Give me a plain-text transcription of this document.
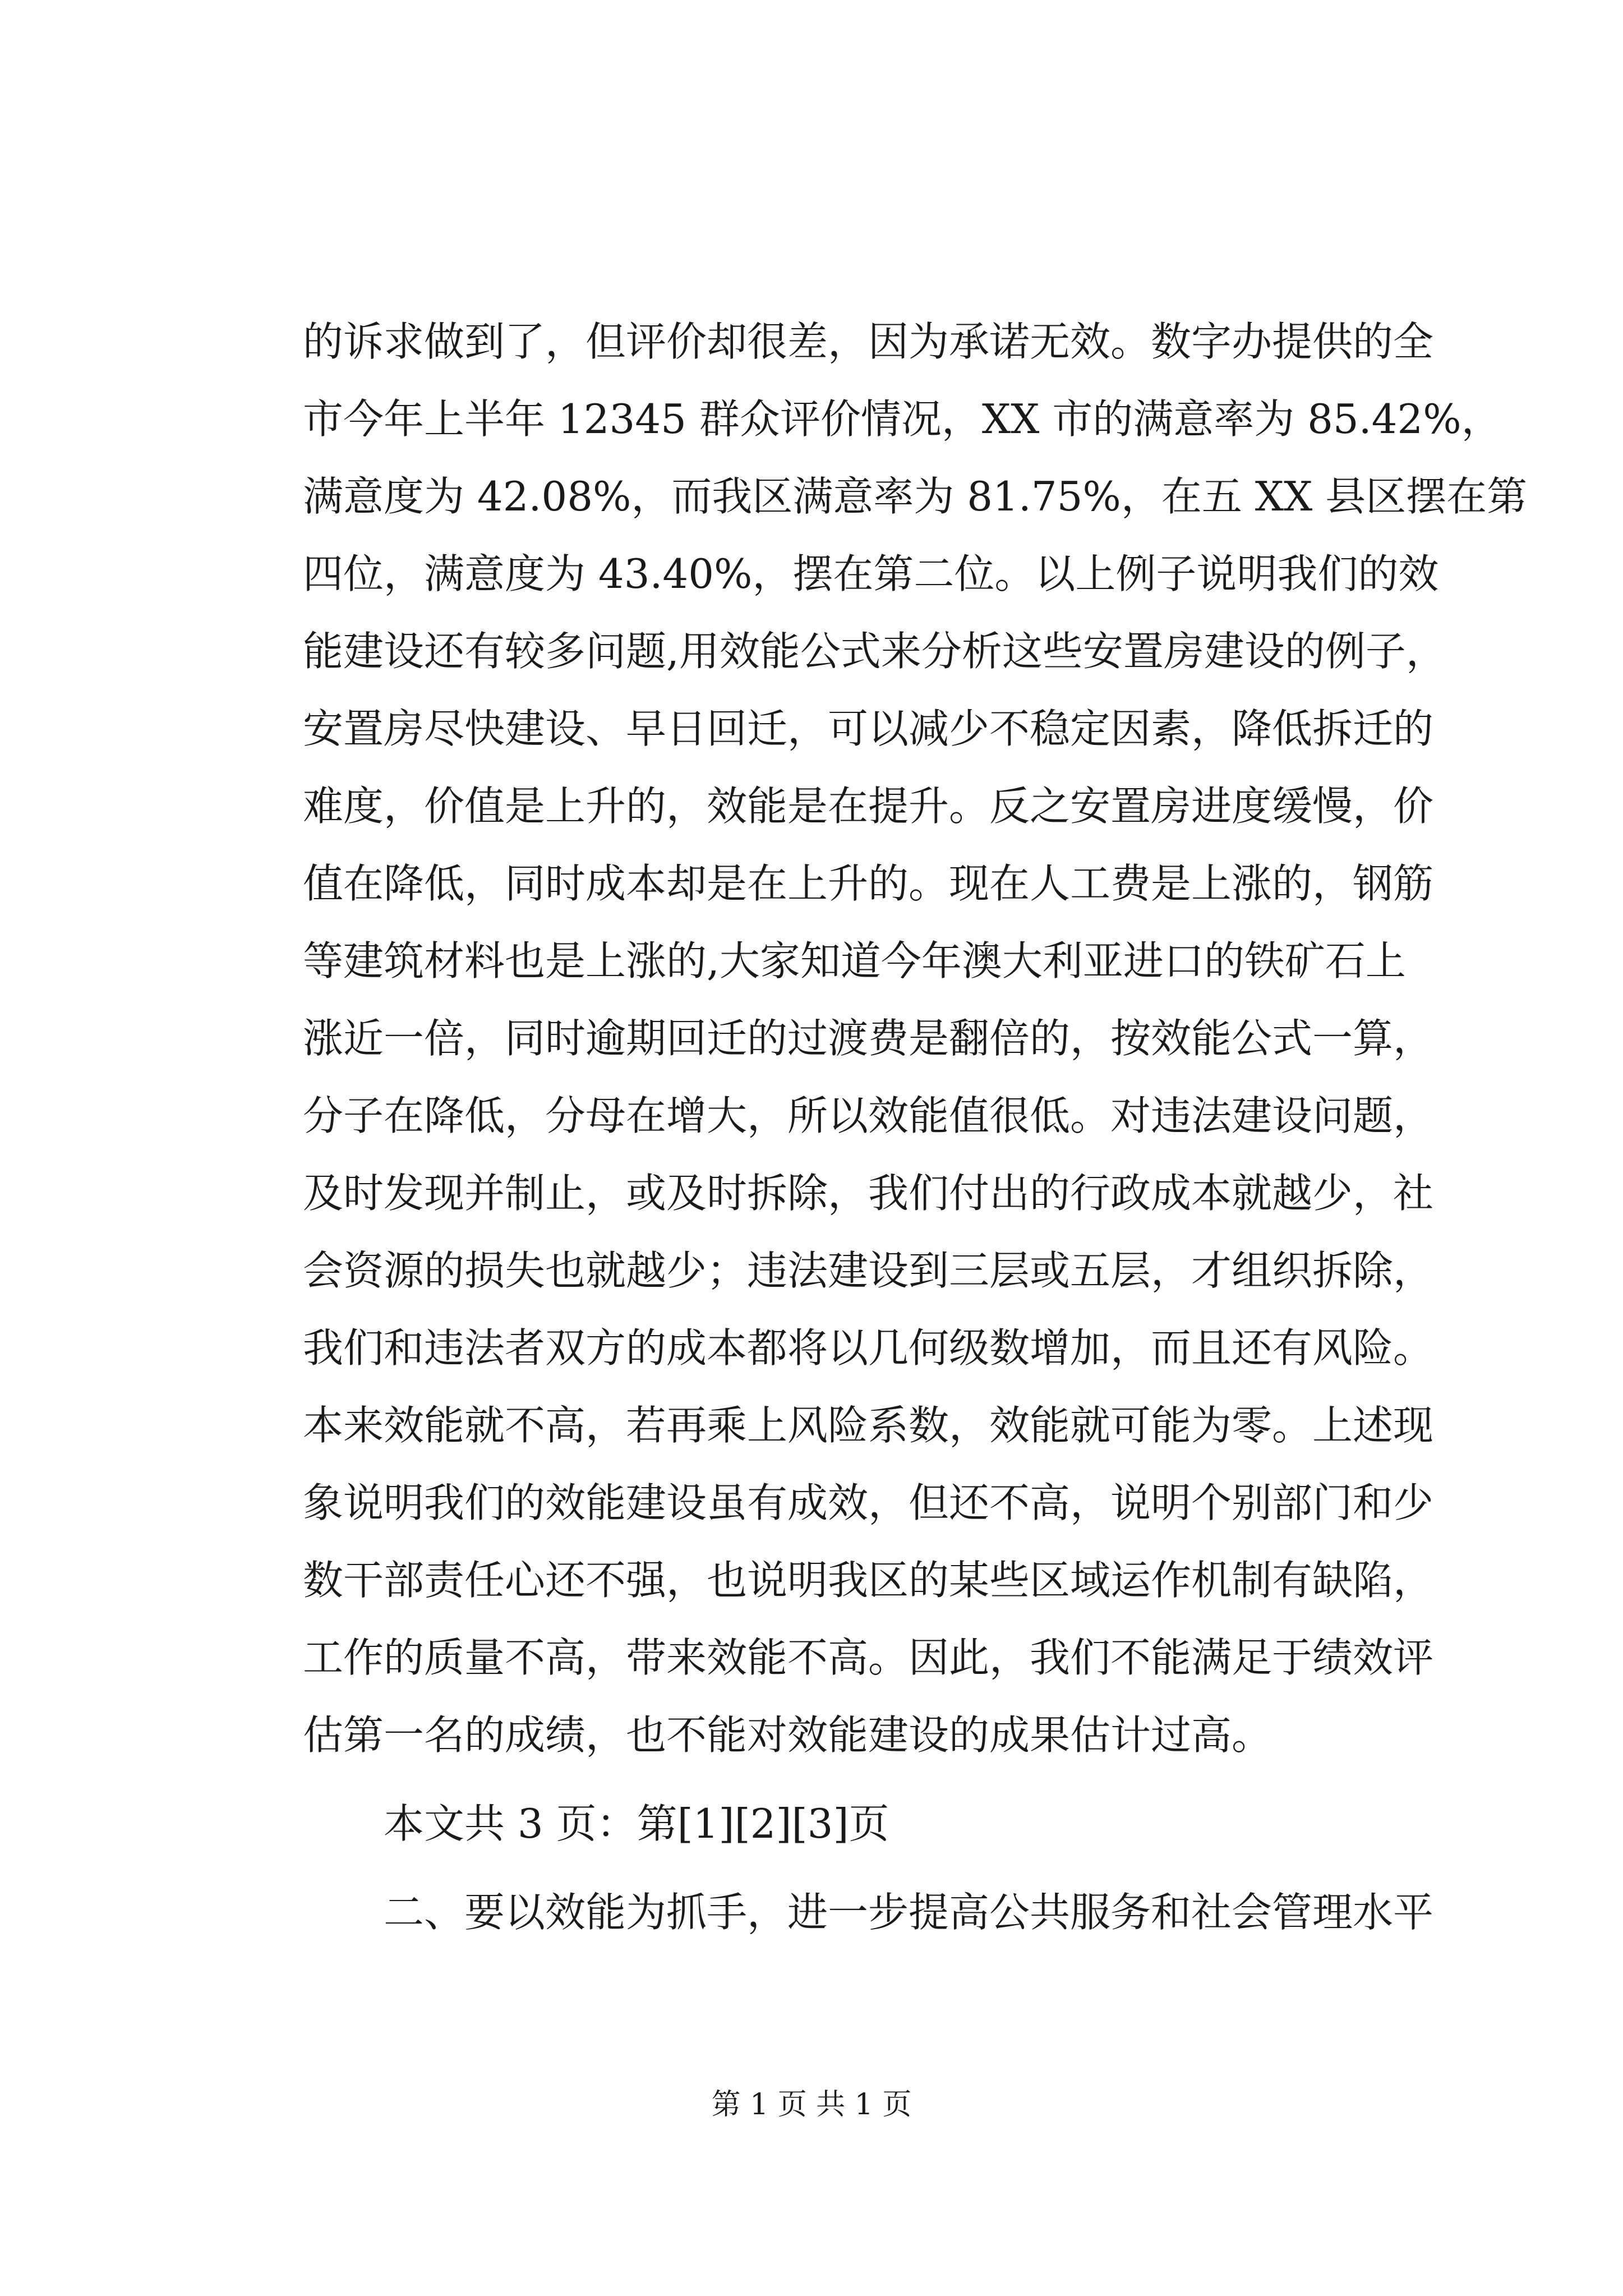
的诉求做到了，但评价却很差，因为承诺无效。数字办提供的全
市今年上半年 12345 群众评价情况，XX 市的满意率为 85.42%，
满意度为 42.08%，而我区满意率为 81.75%，在五 XX 县区摆在第
四位，满意度为 43.40%，摆在第二位。以上例子说明我们的效
能建设还有较多问题,用效能公式来分析这些安置房建设的例子，
安置房尽快建设、早日回迁，可以减少不稳定因素，降低拆迁的
难度，价值是上升的，效能是在提升。反之安置房进度缓慢，价
值在降低，同时成本却是在上升的。现在人工费是上涨的，钢筋
等建筑材料也是上涨的,大家知道今年澳大利亚进口的铁矿石上
涨近一倍，同时逾期回迁的过渡费是翻倍的，按效能公式一算，
分子在降低，分母在增大，所以效能值很低。对违法建设问题，
及时发现并制止，或及时拆除，我们付出的行政成本就越少，社
会资源的损失也就越少；违法建设到三层或五层，才组织拆除，
我们和违法者双方的成本都将以几何级数增加，而且还有风险。
本来效能就不高，若再乘上风险系数，效能就可能为零。上述现
象说明我们的效能建设虽有成效，但还不高，说明个别部门和少
数干部责任心还不强，也说明我区的某些区域运作机制有缺陷，
工作的质量不高，带来效能不高。因此，我们不能满足于绩效评
估第一名的成绩，也不能对效能建设的成果估计过高。
本文共 3 页：第[1][2][3]页
二、要以效能为抓手，进一步提高公共服务和社会管理水平
第 1 页 共 1 页
